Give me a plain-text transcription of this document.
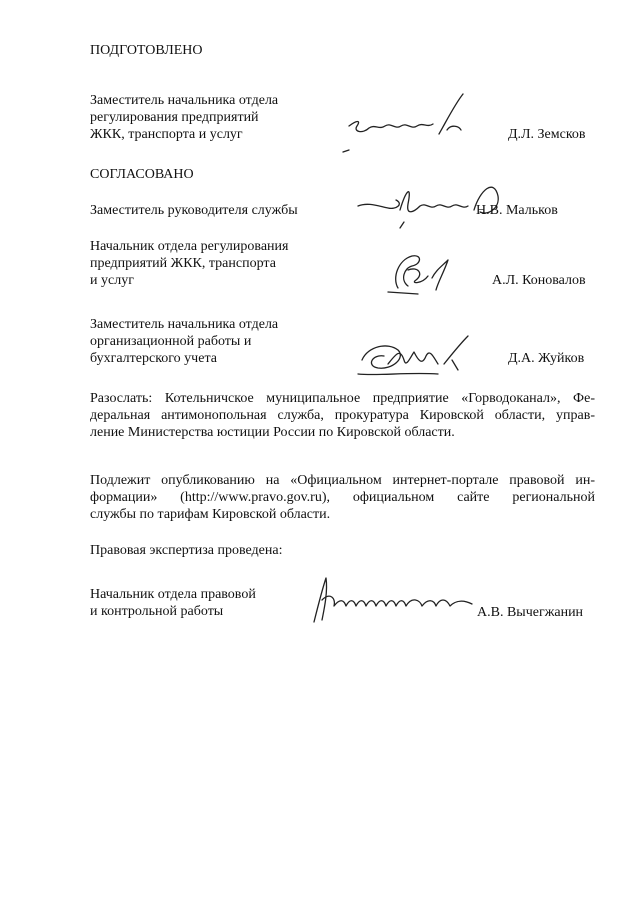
ПОДГОТОВЛЕНО
Заместитель начальника отдела
регулирования предприятий
ЖКК, транспорта и услуг	Д.Л. Земсков
СОГЛАСОВАНО
Заместитель руководителя службы	Н.В. Мальков
Начальник отдела регулирования
предприятий ЖКК, транспорта
и услуг	А.Л. Коновалов
Заместитель начальника отдела
организационной работы и
бухгалтерского учета	Д.А. Жуйков
Разослать: Котельничское муниципальное предприятие «Горводоканал», Фе-
деральная антимонопольная служба, прокуратура Кировской области, управ-
ление Министерства юстиции России по Кировской области.
Подлежит опубликованию на «Официальном интернет-портале правовой ин-
формации» (http://www.pravo.gov.ru), официальном сайте региональной
службы по тарифам Кировской области.
Правовая экспертиза проведена:
Начальник отдела правовой
и контрольной работы	А.В. Вычегжанин
